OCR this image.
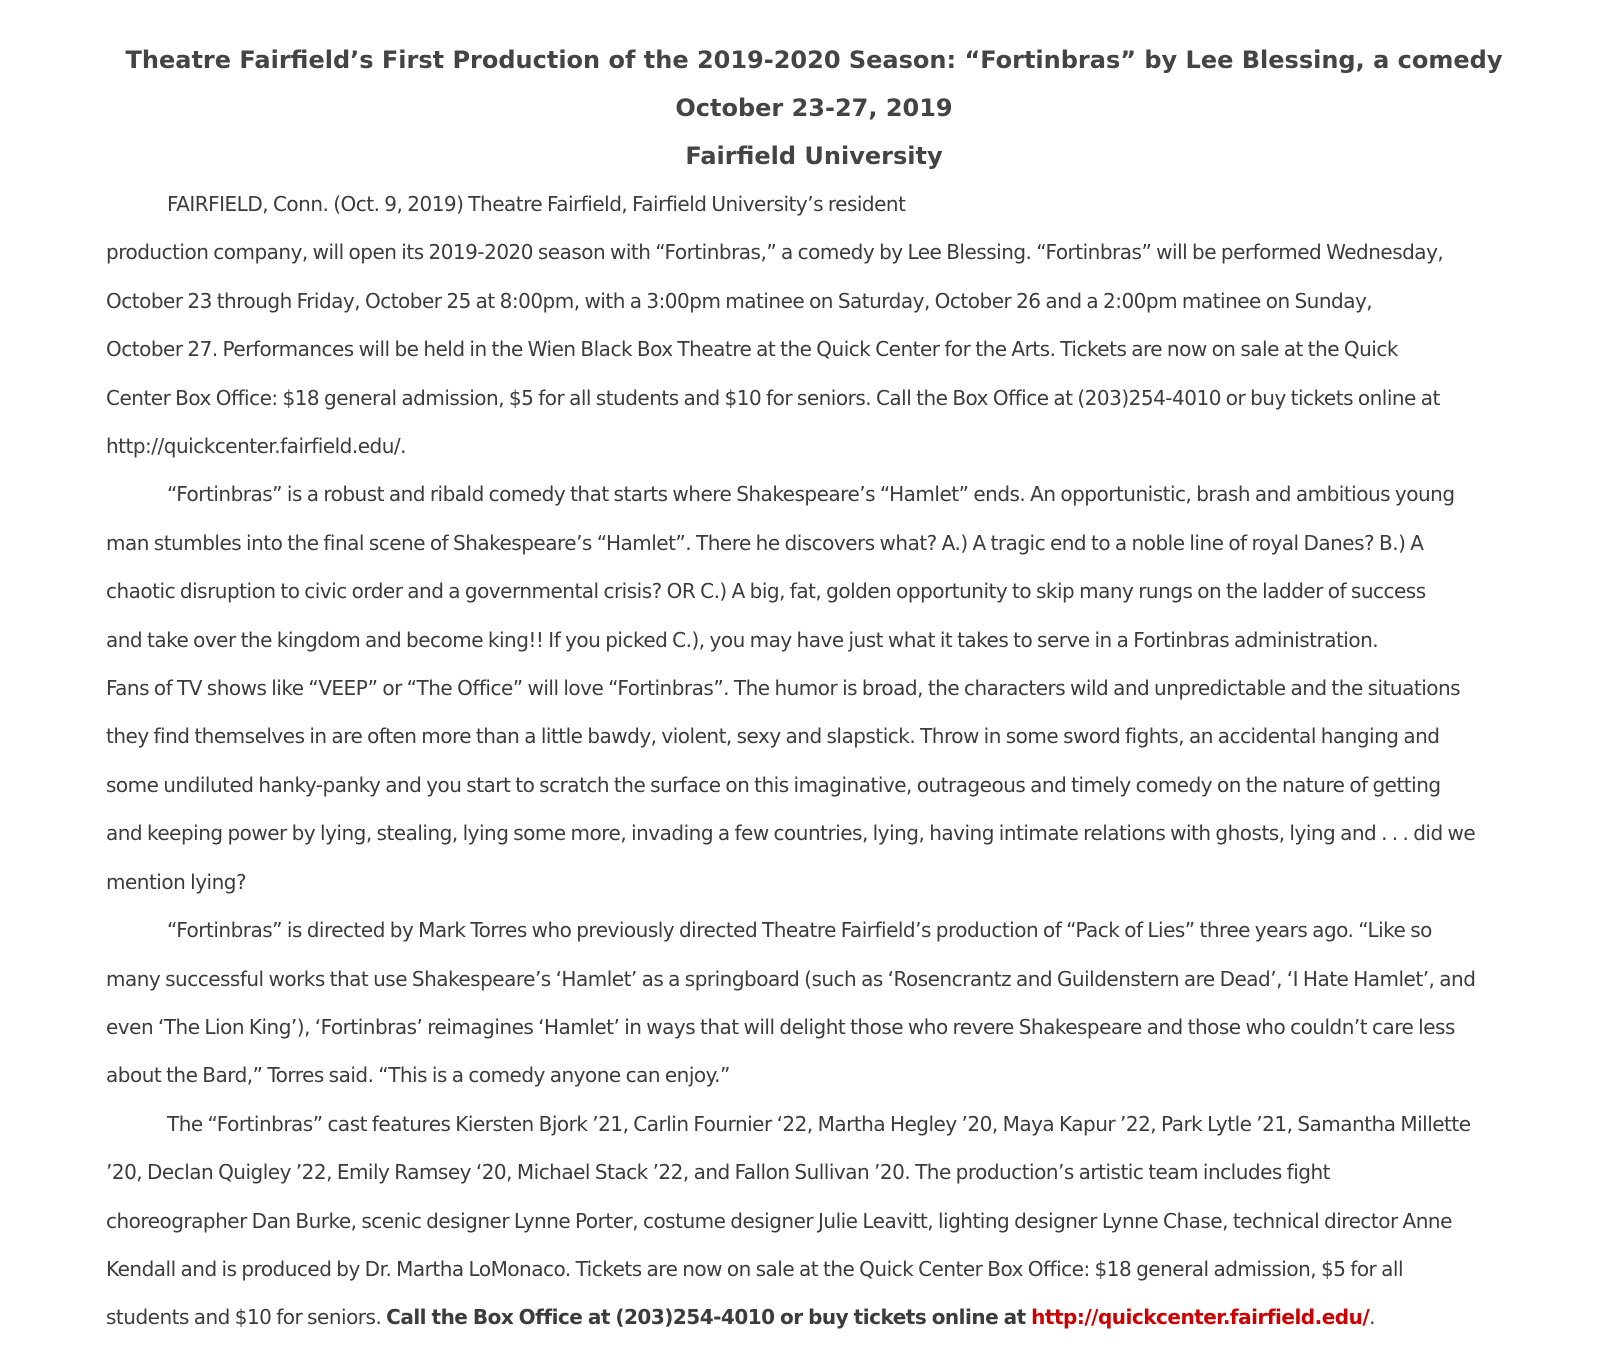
Theatre Fairfield’s First Production of the 2019-2020 Season: “Fortinbras” by Lee Blessing, a comedy
October 23-27, 2019
Fairfield University

FAIRFIELD, Conn. (Oct. 9, 2019) Theatre Fairfield, Fairfield University’s resident
production company, will open its 2019-2020 season with “Fortinbras,” a comedy by Lee Blessing. “Fortinbras” will be performed Wednesday,
October 23 through Friday, October 25 at 8:00pm, with a 3:00pm matinee on Saturday, October 26 and a 2:00pm matinee on Sunday,
October 27. Performances will be held in the Wien Black Box Theatre at the Quick Center for the Arts. Tickets are now on sale at the Quick
Center Box Office: $18 general admission, $5 for all students and $10 for seniors. Call the Box Office at (203)254-4010 or buy tickets online at
http://quickcenter.fairfield.edu/.

“Fortinbras” is a robust and ribald comedy that starts where Shakespeare’s “Hamlet” ends. An opportunistic, brash and ambitious young
man stumbles into the final scene of Shakespeare’s “Hamlet”. There he discovers what? A.) A tragic end to a noble line of royal Danes? B.) A
chaotic disruption to civic order and a governmental crisis? OR C.) A big, fat, golden opportunity to skip many rungs on the ladder of success
and take over the kingdom and become king!! If you picked C.), you may have just what it takes to serve in a Fortinbras administration.

Fans of TV shows like “VEEP” or “The Office” will love “Fortinbras”. The humor is broad, the characters wild and unpredictable and the situations
they find themselves in are often more than a little bawdy, violent, sexy and slapstick. Throw in some sword fights, an accidental hanging and
some undiluted hanky-panky and you start to scratch the surface on this imaginative, outrageous and timely comedy on the nature of getting
and keeping power by lying, stealing, lying some more, invading a few countries, lying, having intimate relations with ghosts, lying and . . . did we
mention lying?

“Fortinbras” is directed by Mark Torres who previously directed Theatre Fairfield’s production of “Pack of Lies” three years ago. “Like so
many successful works that use Shakespeare’s ‘Hamlet’ as a springboard (such as ‘Rosencrantz and Guildenstern are Dead’, ‘I Hate Hamlet’, and
even ‘The Lion King’), ‘Fortinbras’ reimagines ‘Hamlet’ in ways that will delight those who revere Shakespeare and those who couldn’t care less
about the Bard,” Torres said. “This is a comedy anyone can enjoy.”

The “Fortinbras” cast features Kiersten Bjork ’21, Carlin Fournier ‘22, Martha Hegley ’20, Maya Kapur ’22, Park Lytle ’21, Samantha Millette
’20, Declan Quigley ’22, Emily Ramsey ‘20, Michael Stack ’22, and Fallon Sullivan ’20. The production’s artistic team includes fight
choreographer Dan Burke, scenic designer Lynne Porter, costume designer Julie Leavitt, lighting designer Lynne Chase, technical director Anne
Kendall and is produced by Dr. Martha LoMonaco. Tickets are now on sale at the Quick Center Box Office: $18 general admission, $5 for all
students and $10 for seniors. Call the Box Office at (203)254-4010 or buy tickets online at http://quickcenter.fairfield.edu/.
